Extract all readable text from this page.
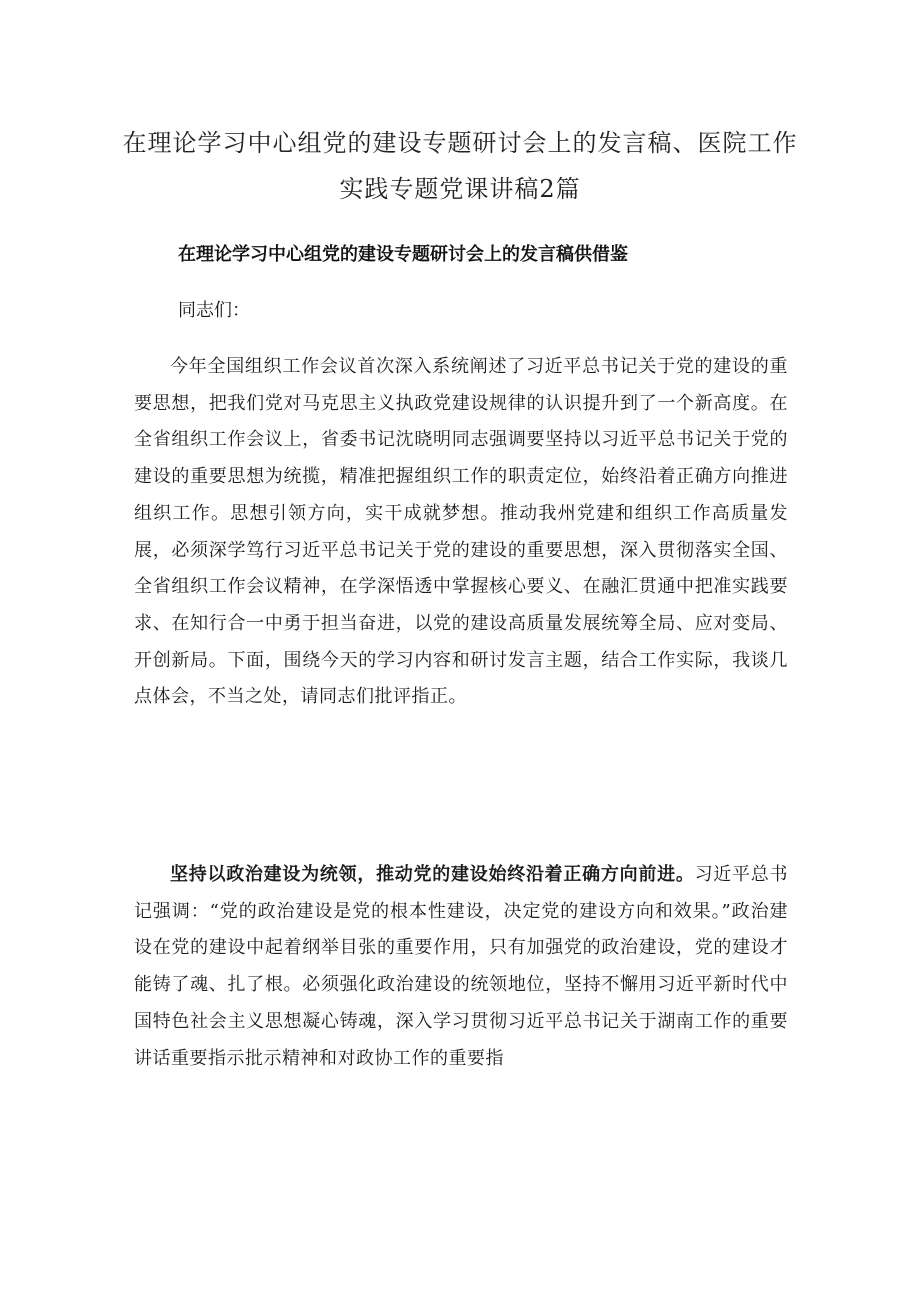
在理论学习中心组党的建设专题研讨会上的发言稿、医院工作实践专题党课讲稿2篇
在理论学习中心组党的建设专题研讨会上的发言稿供借鉴
同志们：
今年全国组织工作会议首次深入系统阐述了习近平总书记关于党的建设的重要思想，把我们党对马克思主义执政党建设规律的认识提升到了一个新高度。在全省组织工作会议上，省委书记沈晓明同志强调要坚持以习近平总书记关于党的建设的重要思想为统揽，精准把握组织工作的职责定位，始终沿着正确方向推进组织工作。思想引领方向，实干成就梦想。推动我州党建和组织工作高质量发展，必须深学笃行习近平总书记关于党的建设的重要思想，深入贯彻落实全国、全省组织工作会议精神，在学深悟透中掌握核心要义、在融汇贯通中把准实践要求、在知行合一中勇于担当奋进，以党的建设高质量发展统筹全局、应对变局、开创新局。下面，围绕今天的学习内容和研讨发言主题，结合工作实际，我谈几点体会，不当之处，请同志们批评指正。
坚持以政治建设为统领，推动党的建设始终沿着正确方向前进。习近平总书记强调：“党的政治建设是党的根本性建设，决定党的建设方向和效果。”政治建设在党的建设中起着纲举目张的重要作用，只有加强党的政治建设，党的建设才能铸了魂、扎了根。必须强化政治建设的统领地位，坚持不懈用习近平新时代中国特色社会主义思想凝心铸魂，深入学习贯彻习近平总书记关于湖南工作的重要讲话重要指示批示精神和对政协工作的重要指
